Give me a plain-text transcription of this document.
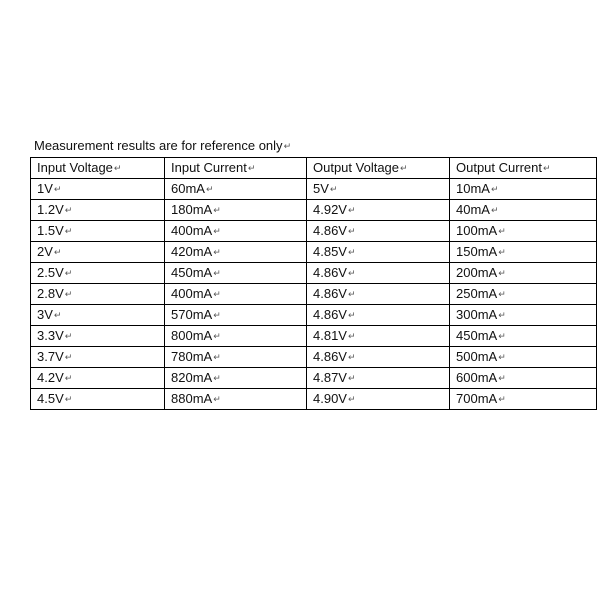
Measurement results are for reference only↵
Input Voltage↵	Input Current↵	Output Voltage↵	Output Current↵
1V↵	60mA↵	5V↵	10mA↵
1.2V↵	180mA↵	4.92V↵	40mA↵
1.5V↵	400mA↵	4.86V↵	100mA↵
2V↵	420mA↵	4.85V↵	150mA↵
2.5V↵	450mA↵	4.86V↵	200mA↵
2.8V↵	400mA↵	4.86V↵	250mA↵
3V↵	570mA↵	4.86V↵	300mA↵
3.3V↵	800mA↵	4.81V↵	450mA↵
3.7V↵	780mA↵	4.86V↵	500mA↵
4.2V↵	820mA↵	4.87V↵	600mA↵
4.5V↵	880mA↵	4.90V↵	700mA↵
